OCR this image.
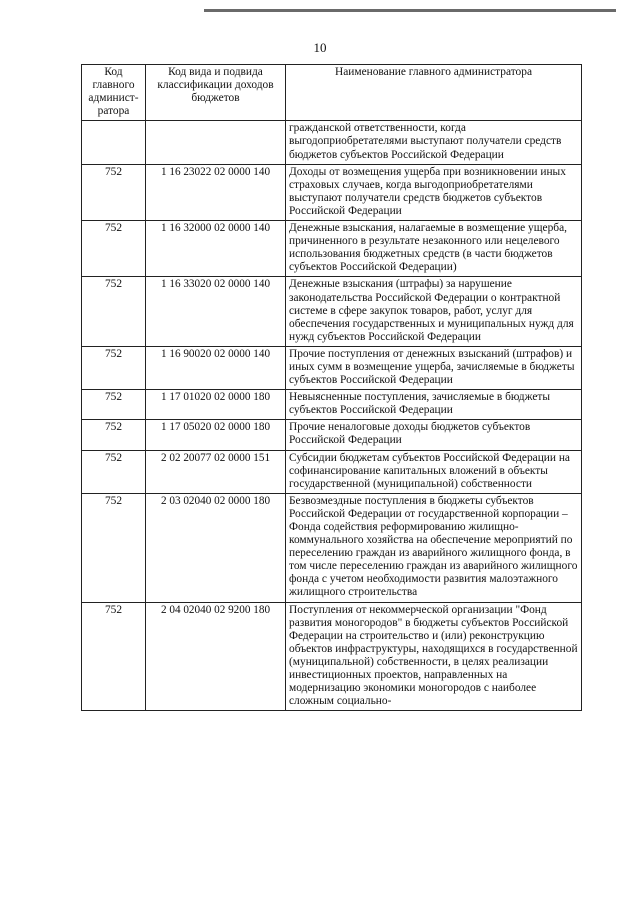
10
Код главного админист-ратора	Код вида и подвида классификации доходов бюджетов	Наименование главного администратора
		гражданской ответственности, когда выгодоприобретателями выступают получатели средств бюджетов субъектов Российской Федерации
752	1 16 23022 02 0000 140	Доходы от возмещения ущерба при возникновении иных страховых случаев, когда выгодоприобретателями выступают получатели средств бюджетов субъектов Российской Федерации
752	1 16 32000 02 0000 140	Денежные взыскания, налагаемые в возмещение ущерба, причиненного в результате незаконного или нецелевого использования бюджетных средств (в части бюджетов субъектов Российской Федерации)
752	1 16 33020 02 0000 140	Денежные взыскания (штрафы) за нарушение законодательства Российской Федерации о контрактной системе в сфере закупок товаров, работ, услуг для обеспечения государственных и муниципальных нужд для нужд субъектов Российской Федерации
752	1 16 90020 02 0000 140	Прочие поступления от денежных взысканий (штрафов) и иных сумм в возмещение ущерба, зачисляемые в бюджеты субъектов Российской Федерации
752	1 17 01020 02 0000 180	Невыясненные поступления, зачисляемые в бюджеты субъектов Российской Федерации
752	1 17 05020 02 0000 180	Прочие неналоговые доходы бюджетов субъектов Российской Федерации
752	2 02 20077 02 0000 151	Субсидии бюджетам субъектов Российской Федерации на софинансирование капитальных вложений в объекты государственной (муниципальной) собственности
752	2 03 02040 02 0000 180	Безвозмездные поступления в бюджеты субъектов Российской Федерации от государственной корпорации – Фонда содействия реформированию жилищно-коммунального хозяйства на обеспечение мероприятий по переселению граждан из аварийного жилищного фонда, в том числе переселению граждан из аварийного жилищного фонда с учетом необходимости развития малоэтажного жилищного строительства
752	2 04 02040 02 9200 180	Поступления от некоммерческой организации "Фонд развития моногородов" в бюджеты субъектов Российской Федерации на строительство и (или) реконструкцию объектов инфраструктуры, находящихся в государственной (муниципальной) собственности, в целях реализации инвестиционных проектов, направленных на модернизацию экономики моногородов с наиболее сложным социально-
